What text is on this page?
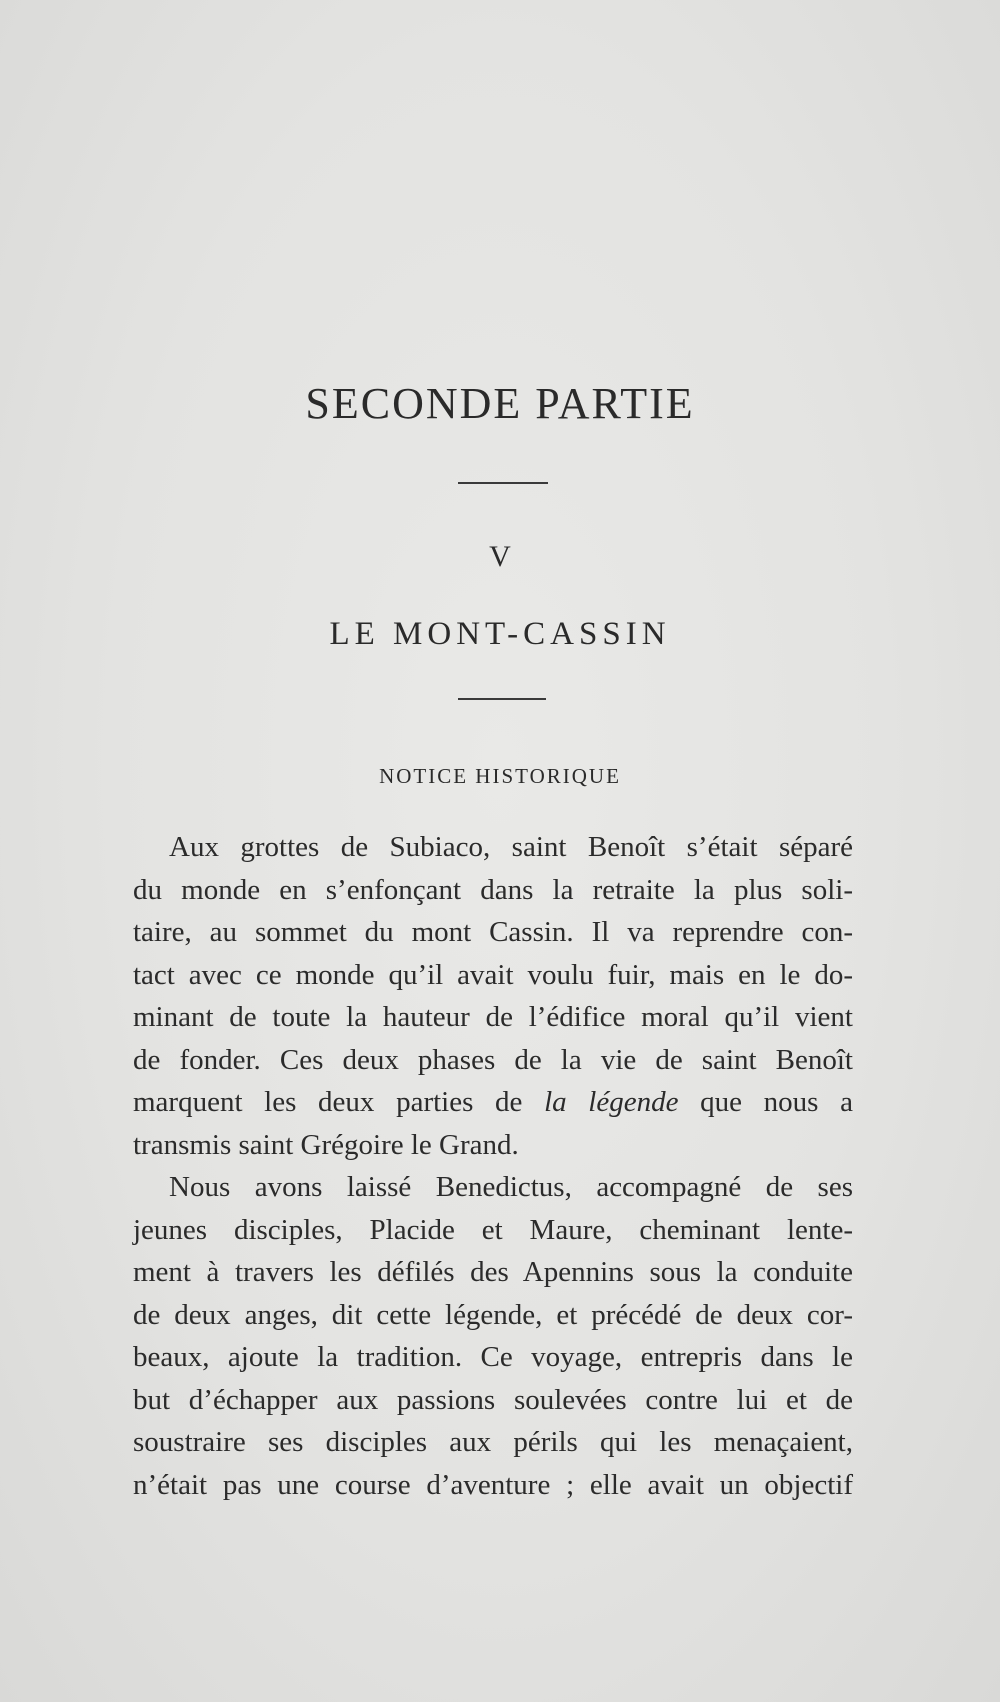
SECONDE PARTIE
V
LE MONT-CASSIN
NOTICE HISTORIQUE
Aux grottes de Subiaco, saint Benoît s’était séparé
du monde en s’enfonçant dans la retraite la plus soli-
taire, au sommet du mont Cassin. Il va reprendre con-
tact avec ce monde qu’il avait voulu fuir, mais en le do-
minant de toute la hauteur de l’édifice moral qu’il vient
de fonder. Ces deux phases de la vie de saint Benoît
marquent les deux parties de la légende que nous a
transmis saint Grégoire le Grand.
Nous avons laissé Benedictus, accompagné de ses
jeunes disciples, Placide et Maure, cheminant lente-
ment à travers les défilés des Apennins sous la conduite
de deux anges, dit cette légende, et précédé de deux cor-
beaux, ajoute la tradition. Ce voyage, entrepris dans le
but d’échapper aux passions soulevées contre lui et de
soustraire ses disciples aux périls qui les menaçaient,
n’était pas une course d’aventure ; elle avait un objectif
